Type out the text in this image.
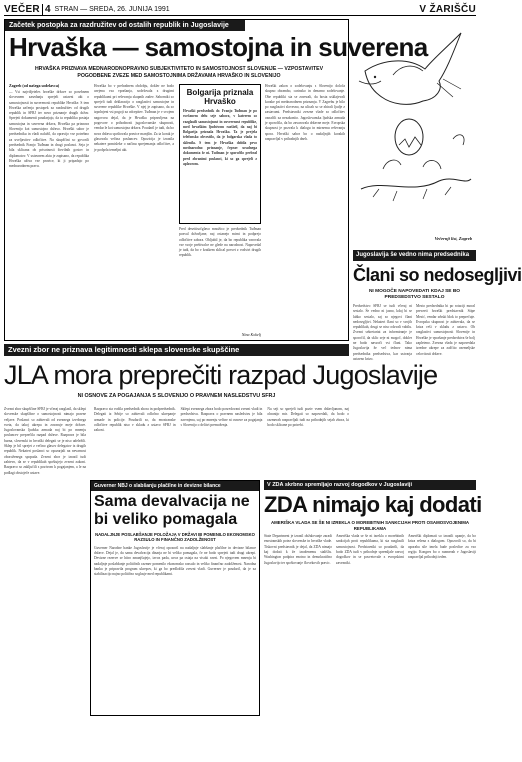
VEČER 4 STRAN — SREDA, 26. JUNIJA 1991	V ŽARIŠČU
Začetek postopka za razdružitev od ostalih republik in Jugoslavije
Hrvaška — samostojna in suverena
HRVAŠKA PRIZNAVA MEDNARODNOPRAVNO SUBJEKTIVITETO IN SAMOSTOJNOST SLOVENIJE — VZPOSTAVITEV POGODBENE ZVEZE MED SAMOSTOJNIMA DRŽAVAMA HRVAŠKO IN SLOVENIJO
Zagreb (od našega sodelavca)
— Vsi najvišjeteles hrvaške države so posebnem slovesnem zasedanju sprejeli ustavni akt o samostojnosti in suverenosti republike Hrvaške. S tem Hrvaška začenja postopek za razdružitev od drugih republik in SFRJ ter novo priznanje drugih držav. Sprejeti dokumenti poudarjajo, da ta republika postaja samostojna in suverena država, Hrvaška pa priznava Slovenijo kot samostojno državo. Hrvaški sabor je predsedniku in vladi naložil, da opravijo vse potrebno za uveljavitev odločitve. Na skupščini so govorili predsednik Franjo Tuđman in drugi poslanci. Seja je bila sklicana ob prisotnosti številnih gostov in diplomatov. V ustavnem aktu je zapisano, da republika Hrvaška uživa vse pravice, ki ji pripadajo po mednarodnem pravu.
Hrvaška bo v prehodnem obdobju, dokler ne bodo urejena vsa vprašanja, sodelovala z drugimi republikami pri reševanju skupnih zadev. Saborniki so sprejeli tudi deklaracijo o razglasitvi samostojne in suverene republike Hrvaške. V njej je zapisano, da so izpolnjeni vsi pogoji za odcepitev. Tuđman je v svojem nagovoru dejal, da je Hrvaška pripravljena na pogovore o prihodnosti jugoslovanske skupnosti, vendar le kot samostojna država. Poudaril je tudi, da bo nova država spoštovala pravice manjšin. Za ta korak je glasovala večina poslancev. Opozicija je izrazila nekatere pomisleke o načinu sprejemanja odločitve, a je podprla temeljni akt.
Bolgarija priznala Hrvaško
Hrvaški predsednik dr. Franjo Tuđman je po svečanem delu seje sabora, v katerem so razglasili samostojnost in suverenost republike, med hrvaškim ljudstvom razširil, da naj bi Bolgarija priznala Hrvaško. Ta je prejela telefonsko obvestilo, da je bolgarska vlada to sklenila. S tem je Hrvaška dobila prvo mednarodno priznanje, čeprav uradnega dokumenta še ni. Tuđman je sporočilo prebral pred zbranimi poslanci, ki so ga sprejeli z aplavzom.
Pred desettisočglavo množico je predsednik Tuđman pozval državljane, naj ostanejo mirni in podprejo odločitve sabora. Obljubil je, da bo republika varovala vse svoje prebivalce ne glede na narodnost. Napovedal je tudi, da bo v kratkem sklical posvet z vodstvi drugih republik.
Nina Kokelj
Hrvaški zakon o sodelovanju s Slovenijo določa skupno obrambo, carinsko in denarno sodelovanje. Obe republiki sta se zavezali, da bosta usklajevali korake pri mednarodnem priznanju. V Zagrebu je bilo po razglasitvi slovesno, na ulicah so se zbirali ljudje z zastavami. Predstavniki zvezne vlade so odločitev označili za nezakonito. Jugoslovanska ljudska armada je sporočila, da bo zavarovala državne meje. Evropska skupnost je pozvala k dialogu in mirnemu reševanju spora. Hrvaški sabor bo o nadaljnjih korakih razpravljal v prihodnjih dneh.
Večernji list, Zagreb
Jugoslavija še vedno nima predsednika
Člani so nedosegljivi
NI MOGOČE NAPOVEDATI KDAJ SE BO PREDSEDSTVO SESTALO
Predsedstvo SFRJ se tudi včeraj ni sestalo. Še vedno ni jasno, kdaj bi se lahko sestalo, saj so njegovi člani nedosegljivi. Nekateri člani so v svojih republikah, drugi se niso odzvali vabilu. Zvezni sekretariat za informiranje je sporočil, da sklic seje ni mogoč, dokler ne bodo navzoči vsi člani. Tako Jugoslavija že več tednov nima predsednika predsedstva, kar ustvarja ustavno krizo.
Mesto predsednika bi po rotaciji moral prevzeti hrvaški predstavnik Stipe Mesić, vendar srbski blok to preprečuje. Evropska skupnost je zahtevala, da se kriza reši v skladu z ustavo. Ob razglasitvi samostojnosti Slovenije in Hrvaške je vprašanje predsedstva še bolj zapleteno. Zvezna vlada je napovedala izredne ukrepe za zaščito ozemeljske celovitosti države.
Zvezni zbor ne priznava legitimnosti sklepa slovenske skupščine
JLA mora preprečiti razpad Jugoslavije
NI OSNOVE ZA POGAJANJA S SLOVENIJO O PRAVNEM NASLEDSTVU SFRJ
Zvezni zbor skupščine SFRJ je včeraj razglasil, da sklepi slovenske skupščine o samostojnosti nimajo pravne veljave. Poslanci so zahtevali od zveznega izvršnega sveta, da takoj ukrepa in zavaruje meje države. Jugoslovanska ljudska armada naj bi po mnenju poslancev preprečila razpad države. Razprava je bila burna, slovenski in hrvaški delegati se je niso udeležili. Sklep je bil sprejet z večino glasov delegatov iz drugih republik. Nekateri poslanci so opozarjali na nevarnost oboroženega spopada. Zvezni zbor je izrazil tudi zahtevo, da se v republikah spoštujejo zvezni zakoni. Razpravo so zaključili s pozivom k pogajanjem, a le na podlagi obstoječe ustave.
Razpravo sta vodila predsednik zbora in podpredsednik. Delegati iz Srbije so zahtevali odločno ukrepanje armade in policije. Poudarili so, da enostranske odločitve republik niso v skladu z ustavo SFRJ in zakoni.
Sklepi zveznega zbora bodo posredovani zvezni vladi in predsedstvu. Razprava o pravnem nasledstvu je bila zavrnjena, saj po mnenju večine ni osnove za pogajanja s Slovenijo o delitvi premoženja.
Na seji so sprejeli tudi poziv vsem državljanom, naj ohranijo mir. Delegati so napovedali, da bodo o razmerah razpravljali tudi na prihodnjih sejah zbora, ki bodo sklicane po potrebi.
Guverner NBJ o slabšanju plačilne in devizne bilance
Sama devalvacija ne bi veliko pomagala
NADALJNJE POSLABŠANJE POLOŽAJA V DRŽAVI BI POMENILO EKONOMSKO RAZSULO IN FINANČNO ZADOLŽENOST
Guverner Narodne banke Jugoslavije je včeraj opozoril na nadaljnje slabšanje plačilne in devizne bilance države. Dejal je, da sama devalvacija dinarja ne bi veliko pomagala, če ne bodo sprejeti tudi drugi ukrepi. Devizne rezerve se hitro zmanjšujejo, izvoz pada, uvoz pa ostaja na visoki ravni. Po njegovem mnenju bi nadaljnje poslabšanje političnih razmer pomenilo ekonomsko razsulo in veliko finančno zadolženost. Narodna banka je pripravila program ukrepov, ki ga bo predložila zvezni vladi. Guverner je poudaril, da je za stabilizacijo nujno politično soglasje med republikami.
V ZDA skrbno spremljajo razvoj dogodkov v Jugoslaviji
ZDA nimajo kaj dodati
AMERIŠKA VLADA SE ŠE NI IZREKLA O MOREBITNIH SANKCIJAH PROTI OSAMOSVOJENIMA REPUBLIKAMA
State Department je izrazil obžalovanje zaradi enostranskih potez slovenske in hrvaške vlade. Tiskovni predstavnik je dejal, da ZDA nimajo kaj dodati k že izraženemu stališču. Washington podpira enotno in demokratično Jugoslavijo ter spoštovanje človekovih pravic.
Ameriška vlada se še ni izrekla o morebitnih sankcijah proti republikama, ki sta razglasili samostojnost. Predstavniki so poudarili, da bodo ZDA tudi v prihodnje spremljale razvoj dogodkov in se posvetovale z evropskimi zavezniki.
Ameriški diplomati so izrazili upanje, da bo kriza rešena z dialogom. Opozorili so, da bi uporaba sile imela hude posledice za vso regijo. Kongres bo o razmerah v Jugoslaviji razpravljal prihodnji teden.
